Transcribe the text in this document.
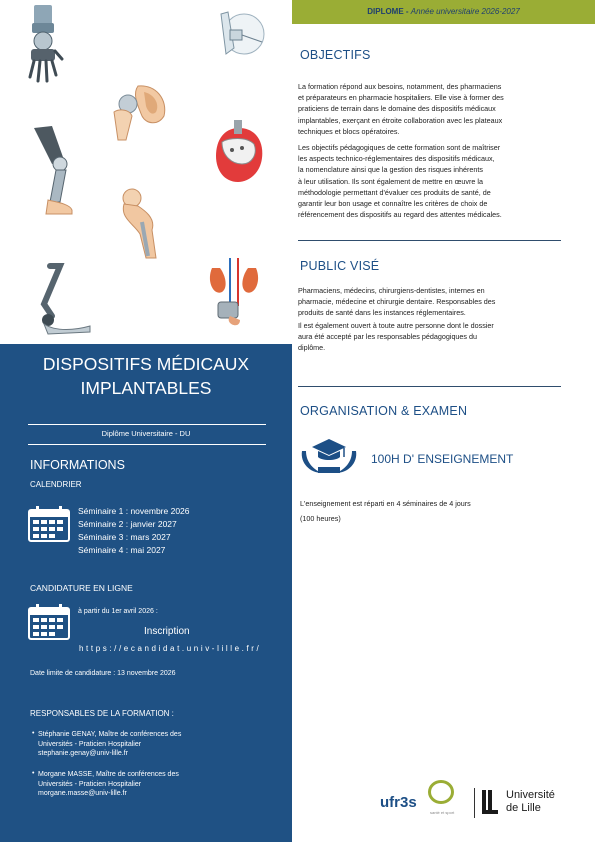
DIPLOME - Année universitaire 2026-2027
OBJECTIFS
La formation répond aux besoins, notamment, des pharmaciens
et préparateurs en pharmacie hospitaliers. Elle vise à former des
praticiens de terrain dans le domaine des dispositifs médicaux
implantables, exerçant en étroite collaboration avec les plateaux
techniques et blocs opératoires.
Les objectifs pédagogiques de cette formation sont de maîtriser
les aspects technico-réglementaires des dispositifs médicaux,
la nomenclature ainsi que la gestion des risques inhérents
à leur utilisation. Ils sont également de mettre en œuvre la
méthodologie permettant d'évaluer ces produits de santé, de
garantir leur bon usage et connaître les critères de choix de
référencement des dispositifs au regard des attentes médicales.
PUBLIC VISÉ
Pharmaciens, médecins, chirurgiens-dentistes, internes en
pharmacie, médecine et chirurgie dentaire. Responsables des
produits de santé dans les instances réglementaires.
Il est également ouvert à toute autre personne dont le dossier
aura été accepté par les responsables pédagogiques du
diplôme.
ORGANISATION & EXAMEN
100H D' ENSEIGNEMENT
L'enseignement est réparti en 4 séminaires de 4 jours
(100 heures)
ufr3s
santé et sport
Université
de Lille
DISPOSITIFS MÉDICAUX
IMPLANTABLES
Diplôme Universitaire - DU
INFORMATIONS
CALENDRIER
Séminaire 1 : novembre 2026
Séminaire 2 : janvier 2027
Séminaire 3 : mars 2027
Séminaire 4 : mai 2027
CANDIDATURE EN LIGNE
à partir du 1er avril 2026 :
Inscription
https://ecandidat.univ-lille.fr/
Date limite de candidature : 13 novembre 2026
RESPONSABLES DE LA FORMATION :
• Stéphanie GENAY, Maître de conférences des
Universités - Praticien Hospitalier
stephanie.genay@univ-lille.fr
• Morgane MASSE, Maître de conférences des
Universités - Praticien Hospitalier
morgane.masse@univ-lille.fr
